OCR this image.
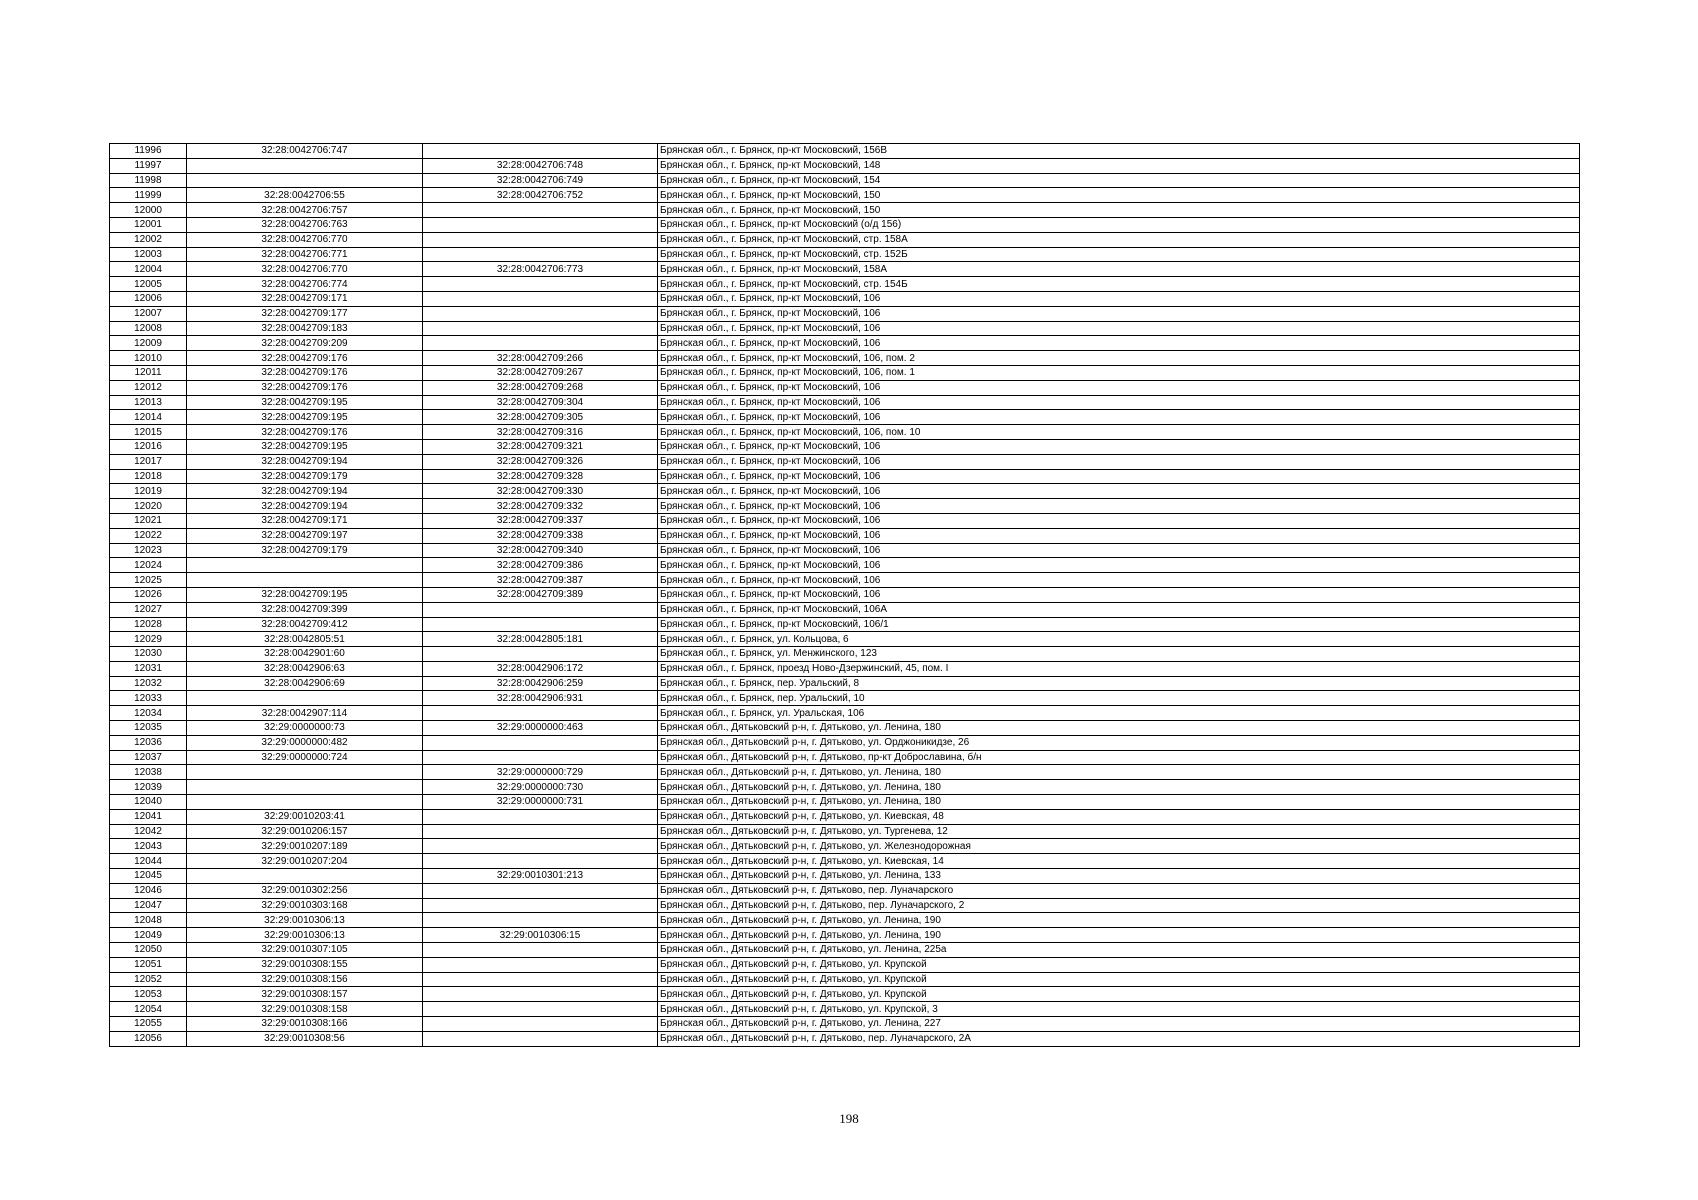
11996	32:28:0042706:747		Брянская обл., г. Брянск, пр-кт Московский, 156В
11997		32:28:0042706:748	Брянская обл., г. Брянск, пр-кт Московский, 148
11998		32:28:0042706:749	Брянская обл., г. Брянск, пр-кт Московский, 154
11999	32:28:0042706:55	32:28:0042706:752	Брянская обл., г. Брянск, пр-кт Московский, 150
12000	32:28:0042706:757		Брянская обл., г. Брянск, пр-кт Московский, 150
12001	32:28:0042706:763		Брянская обл., г. Брянск, пр-кт Московский (о/д 156)
12002	32:28:0042706:770		Брянская обл., г. Брянск, пр-кт Московский, стр. 158А
12003	32:28:0042706:771		Брянская обл., г. Брянск, пр-кт Московский, стр. 152Б
12004	32:28:0042706:770	32:28:0042706:773	Брянская обл., г. Брянск, пр-кт Московский, 158А
12005	32:28:0042706:774		Брянская обл., г. Брянск, пр-кт Московский, стр. 154Б
12006	32:28:0042709:171		Брянская обл., г. Брянск, пр-кт Московский, 106
12007	32:28:0042709:177		Брянская обл., г. Брянск, пр-кт Московский, 106
12008	32:28:0042709:183		Брянская обл., г. Брянск, пр-кт Московский, 106
12009	32:28:0042709:209		Брянская обл., г. Брянск, пр-кт Московский, 106
12010	32:28:0042709:176	32:28:0042709:266	Брянская обл., г. Брянск, пр-кт Московский, 106, пом. 2
12011	32:28:0042709:176	32:28:0042709:267	Брянская обл., г. Брянск, пр-кт Московский, 106, пом. 1
12012	32:28:0042709:176	32:28:0042709:268	Брянская обл., г. Брянск, пр-кт Московский, 106
12013	32:28:0042709:195	32:28:0042709:304	Брянская обл., г. Брянск, пр-кт Московский, 106
12014	32:28:0042709:195	32:28:0042709:305	Брянская обл., г. Брянск, пр-кт Московский, 106
12015	32:28:0042709:176	32:28:0042709:316	Брянская обл., г. Брянск, пр-кт Московский, 106, пом. 10
12016	32:28:0042709:195	32:28:0042709:321	Брянская обл., г. Брянск, пр-кт Московский, 106
12017	32:28:0042709:194	32:28:0042709:326	Брянская обл., г. Брянск, пр-кт Московский, 106
12018	32:28:0042709:179	32:28:0042709:328	Брянская обл., г. Брянск, пр-кт Московский, 106
12019	32:28:0042709:194	32:28:0042709:330	Брянская обл., г. Брянск, пр-кт Московский, 106
12020	32:28:0042709:194	32:28:0042709:332	Брянская обл., г. Брянск, пр-кт Московский, 106
12021	32:28:0042709:171	32:28:0042709:337	Брянская обл., г. Брянск, пр-кт Московский, 106
12022	32:28:0042709:197	32:28:0042709:338	Брянская обл., г. Брянск, пр-кт Московский, 106
12023	32:28:0042709:179	32:28:0042709:340	Брянская обл., г. Брянск, пр-кт Московский, 106
12024		32:28:0042709:386	Брянская обл., г. Брянск, пр-кт Московский, 106
12025		32:28:0042709:387	Брянская обл., г. Брянск, пр-кт Московский, 106
12026	32:28:0042709:195	32:28:0042709:389	Брянская обл., г. Брянск, пр-кт Московский, 106
12027	32:28:0042709:399		Брянская обл., г. Брянск, пр-кт Московский, 106А
12028	32:28:0042709:412		Брянская обл., г. Брянск, пр-кт Московский, 106/1
12029	32:28:0042805:51	32:28:0042805:181	Брянская обл., г. Брянск, ул. Кольцова, 6
12030	32:28:0042901:60		Брянская обл., г. Брянск, ул. Менжинского, 123
12031	32:28:0042906:63	32:28:0042906:172	Брянская обл., г. Брянск, проезд Ново-Дзержинский, 45, пом. I
12032	32:28:0042906:69	32:28:0042906:259	Брянская обл., г. Брянск, пер. Уральский, 8
12033		32:28:0042906:931	Брянская обл., г. Брянск, пер. Уральский, 10
12034	32:28:0042907:114		Брянская обл., г. Брянск, ул. Уральская, 106
12035	32:29:0000000:73	32:29:0000000:463	Брянская обл., Дятьковский р-н, г. Дятьково, ул. Ленина, 180
12036	32:29:0000000:482		Брянская обл., Дятьковский р-н, г. Дятьково, ул. Орджоникидзе, 26
12037	32:29:0000000:724		Брянская обл., Дятьковский р-н, г. Дятьково, пр-кт Доброславина, б/н
12038		32:29:0000000:729	Брянская обл., Дятьковский р-н, г. Дятьково, ул. Ленина, 180
12039		32:29:0000000:730	Брянская обл., Дятьковский р-н, г. Дятьково, ул. Ленина, 180
12040		32:29:0000000:731	Брянская обл., Дятьковский р-н, г. Дятьково, ул. Ленина, 180
12041	32:29:0010203:41		Брянская обл., Дятьковский р-н, г. Дятьково, ул. Киевская, 48
12042	32:29:0010206:157		Брянская обл., Дятьковский р-н, г. Дятьково, ул. Тургенева, 12
12043	32:29:0010207:189		Брянская обл., Дятьковский р-н, г. Дятьково, ул. Железнодорожная
12044	32:29:0010207:204		Брянская обл., Дятьковский р-н, г. Дятьково, ул. Киевская, 14
12045		32:29:0010301:213	Брянская обл., Дятьковский р-н, г. Дятьково, ул. Ленина, 133
12046	32:29:0010302:256		Брянская обл., Дятьковский р-н, г. Дятьково, пер. Луначарского
12047	32:29:0010303:168		Брянская обл., Дятьковский р-н, г. Дятьково, пер. Луначарского, 2
12048	32:29:0010306:13		Брянская обл., Дятьковский р-н, г. Дятьково, ул. Ленина, 190
12049	32:29:0010306:13	32:29:0010306:15	Брянская обл., Дятьковский р-н, г. Дятьково, ул. Ленина, 190
12050	32:29:0010307:105		Брянская обл., Дятьковский р-н, г. Дятьково, ул. Ленина, 225а
12051	32:29:0010308:155		Брянская обл., Дятьковский р-н, г. Дятьково, ул. Крупской
12052	32:29:0010308:156		Брянская обл., Дятьковский р-н, г. Дятьково, ул. Крупской
12053	32:29:0010308:157		Брянская обл., Дятьковский р-н, г. Дятьково, ул. Крупской
12054	32:29:0010308:158		Брянская обл., Дятьковский р-н, г. Дятьково, ул. Крупской, 3
12055	32:29:0010308:166		Брянская обл., Дятьковский р-н, г. Дятьково, ул. Ленина, 227
12056	32:29:0010308:56		Брянская обл., Дятьковский р-н, г. Дятьково, пер. Луначарского, 2А
198
